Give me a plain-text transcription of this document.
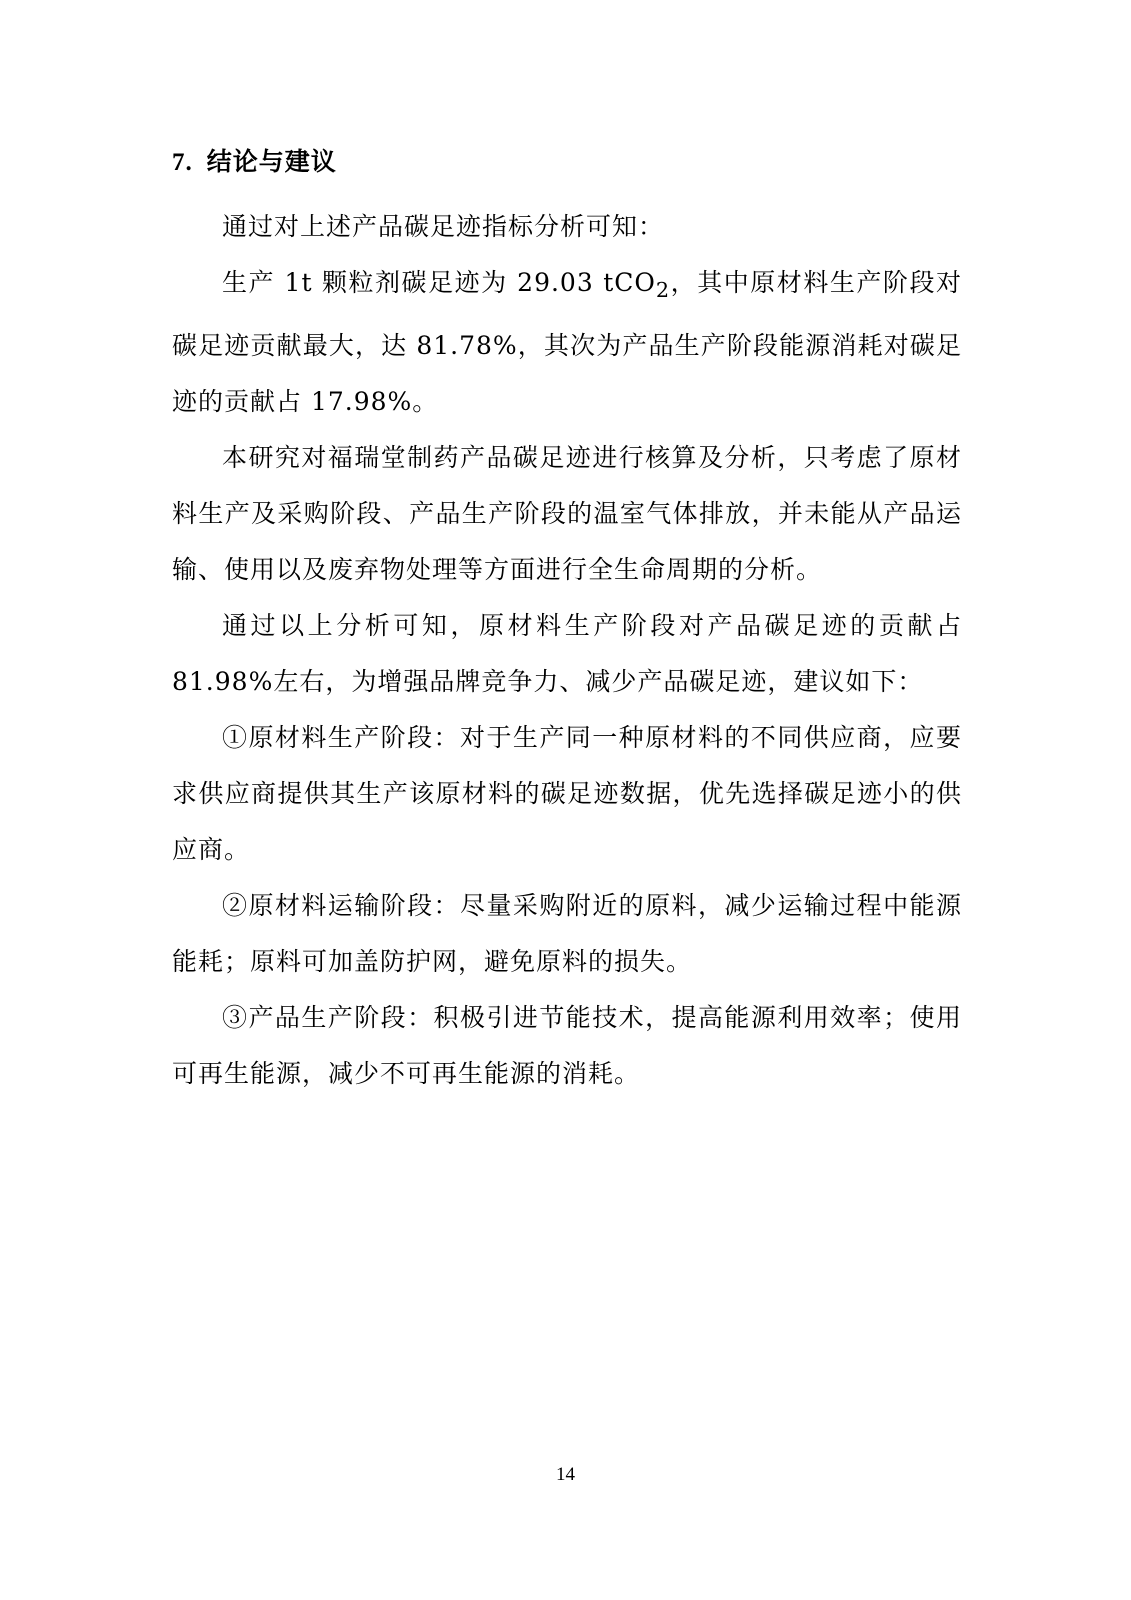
7. 结论与建议

通过对上述产品碳足迹指标分析可知：

生产 1t 颗粒剂碳足迹为 29.03 tCO$_2$，其中原材料生产阶段对碳足迹贡献最大，达 81.78%，其次为产品生产阶段能源消耗对碳足迹的贡献占 17.98%。

本研究对福瑞堂制药产品碳足迹进行核算及分析，只考虑了原材料生产及采购阶段、产品生产阶段的温室气体排放，并未能从产品运输、使用以及废弃物处理等方面进行全生命周期的分析。

通过以上分析可知，原材料生产阶段对产品碳足迹的贡献占81.98%左右，为增强品牌竞争力、减少产品碳足迹，建议如下：

①原材料生产阶段：对于生产同一种原材料的不同供应商，应要求供应商提供其生产该原材料的碳足迹数据，优先选择碳足迹小的供应商。

②原材料运输阶段：尽量采购附近的原料，减少运输过程中能源能耗；原料可加盖防护网，避免原料的损失。

③产品生产阶段：积极引进节能技术，提高能源利用效率；使用可再生能源，减少不可再生能源的消耗。

14
